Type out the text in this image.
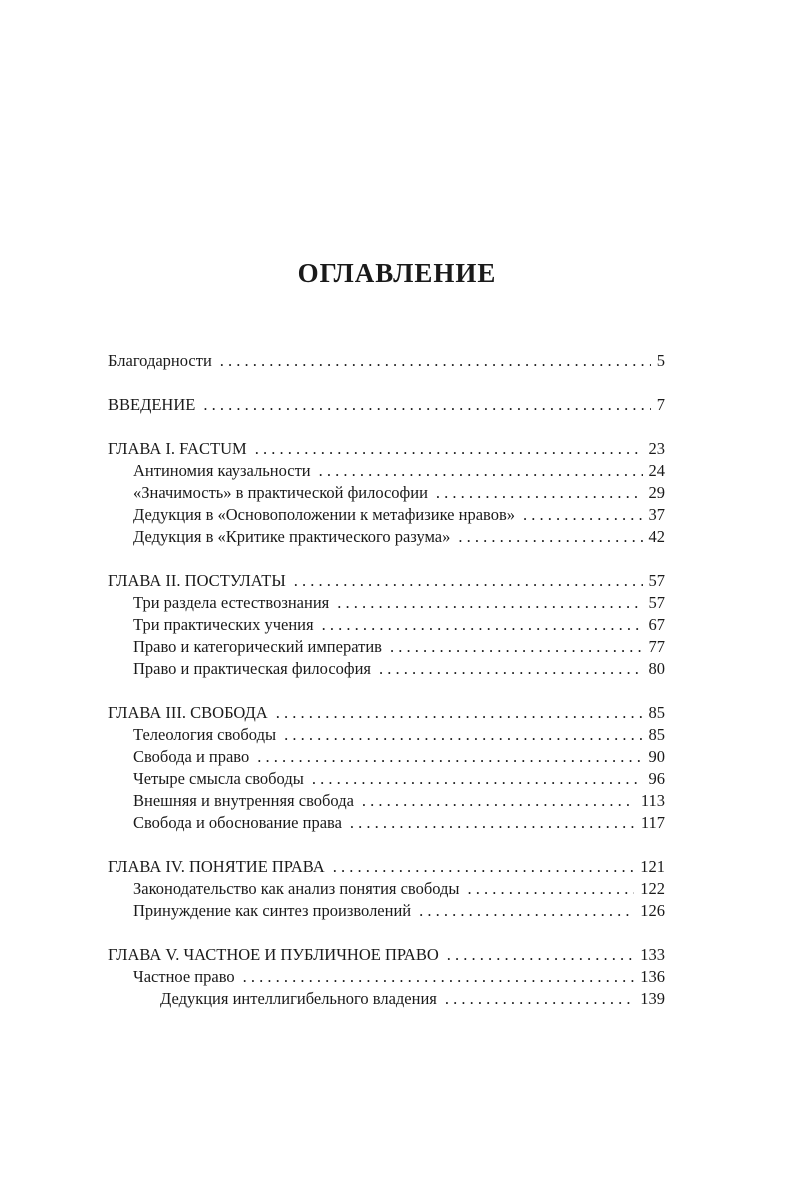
ОГЛАВЛЕНИЕ
Благодарности . . .	5
ВВЕДЕНИЕ . . .	7
ГЛАВА I. FACTUM . . .	23
Антиномия каузальности . . .	24
«Значимость» в практической философии . . .	29
Дедукция в «Основоположении к метафизике нравов» . . .	37
Дедукция в «Критике практического разума» . . .	42
ГЛАВА II. ПОСТУЛАТЫ . . .	57
Три раздела естествознания . . .	57
Три практических учения . . .	67
Право и категорический императив . . .	77
Право и практическая философия . . .	80
ГЛАВА III. СВОБОДА . . .	85
Телеология свободы . . .	85
Свобода и право . . .	90
Четыре смысла свободы . . .	96
Внешняя и внутренняя свобода . . .	113
Свобода и обоснование права . . .	117
ГЛАВА IV. ПОНЯТИЕ ПРАВА . . .	121
Законодательство как анализ понятия свободы . . .	122
Принуждение как синтез произволений . . .	126
ГЛАВА V. ЧАСТНОЕ И ПУБЛИЧНОЕ ПРАВО . . .	133
Частное право . . .	136
Дедукция интеллигибельного владения . . .	139
